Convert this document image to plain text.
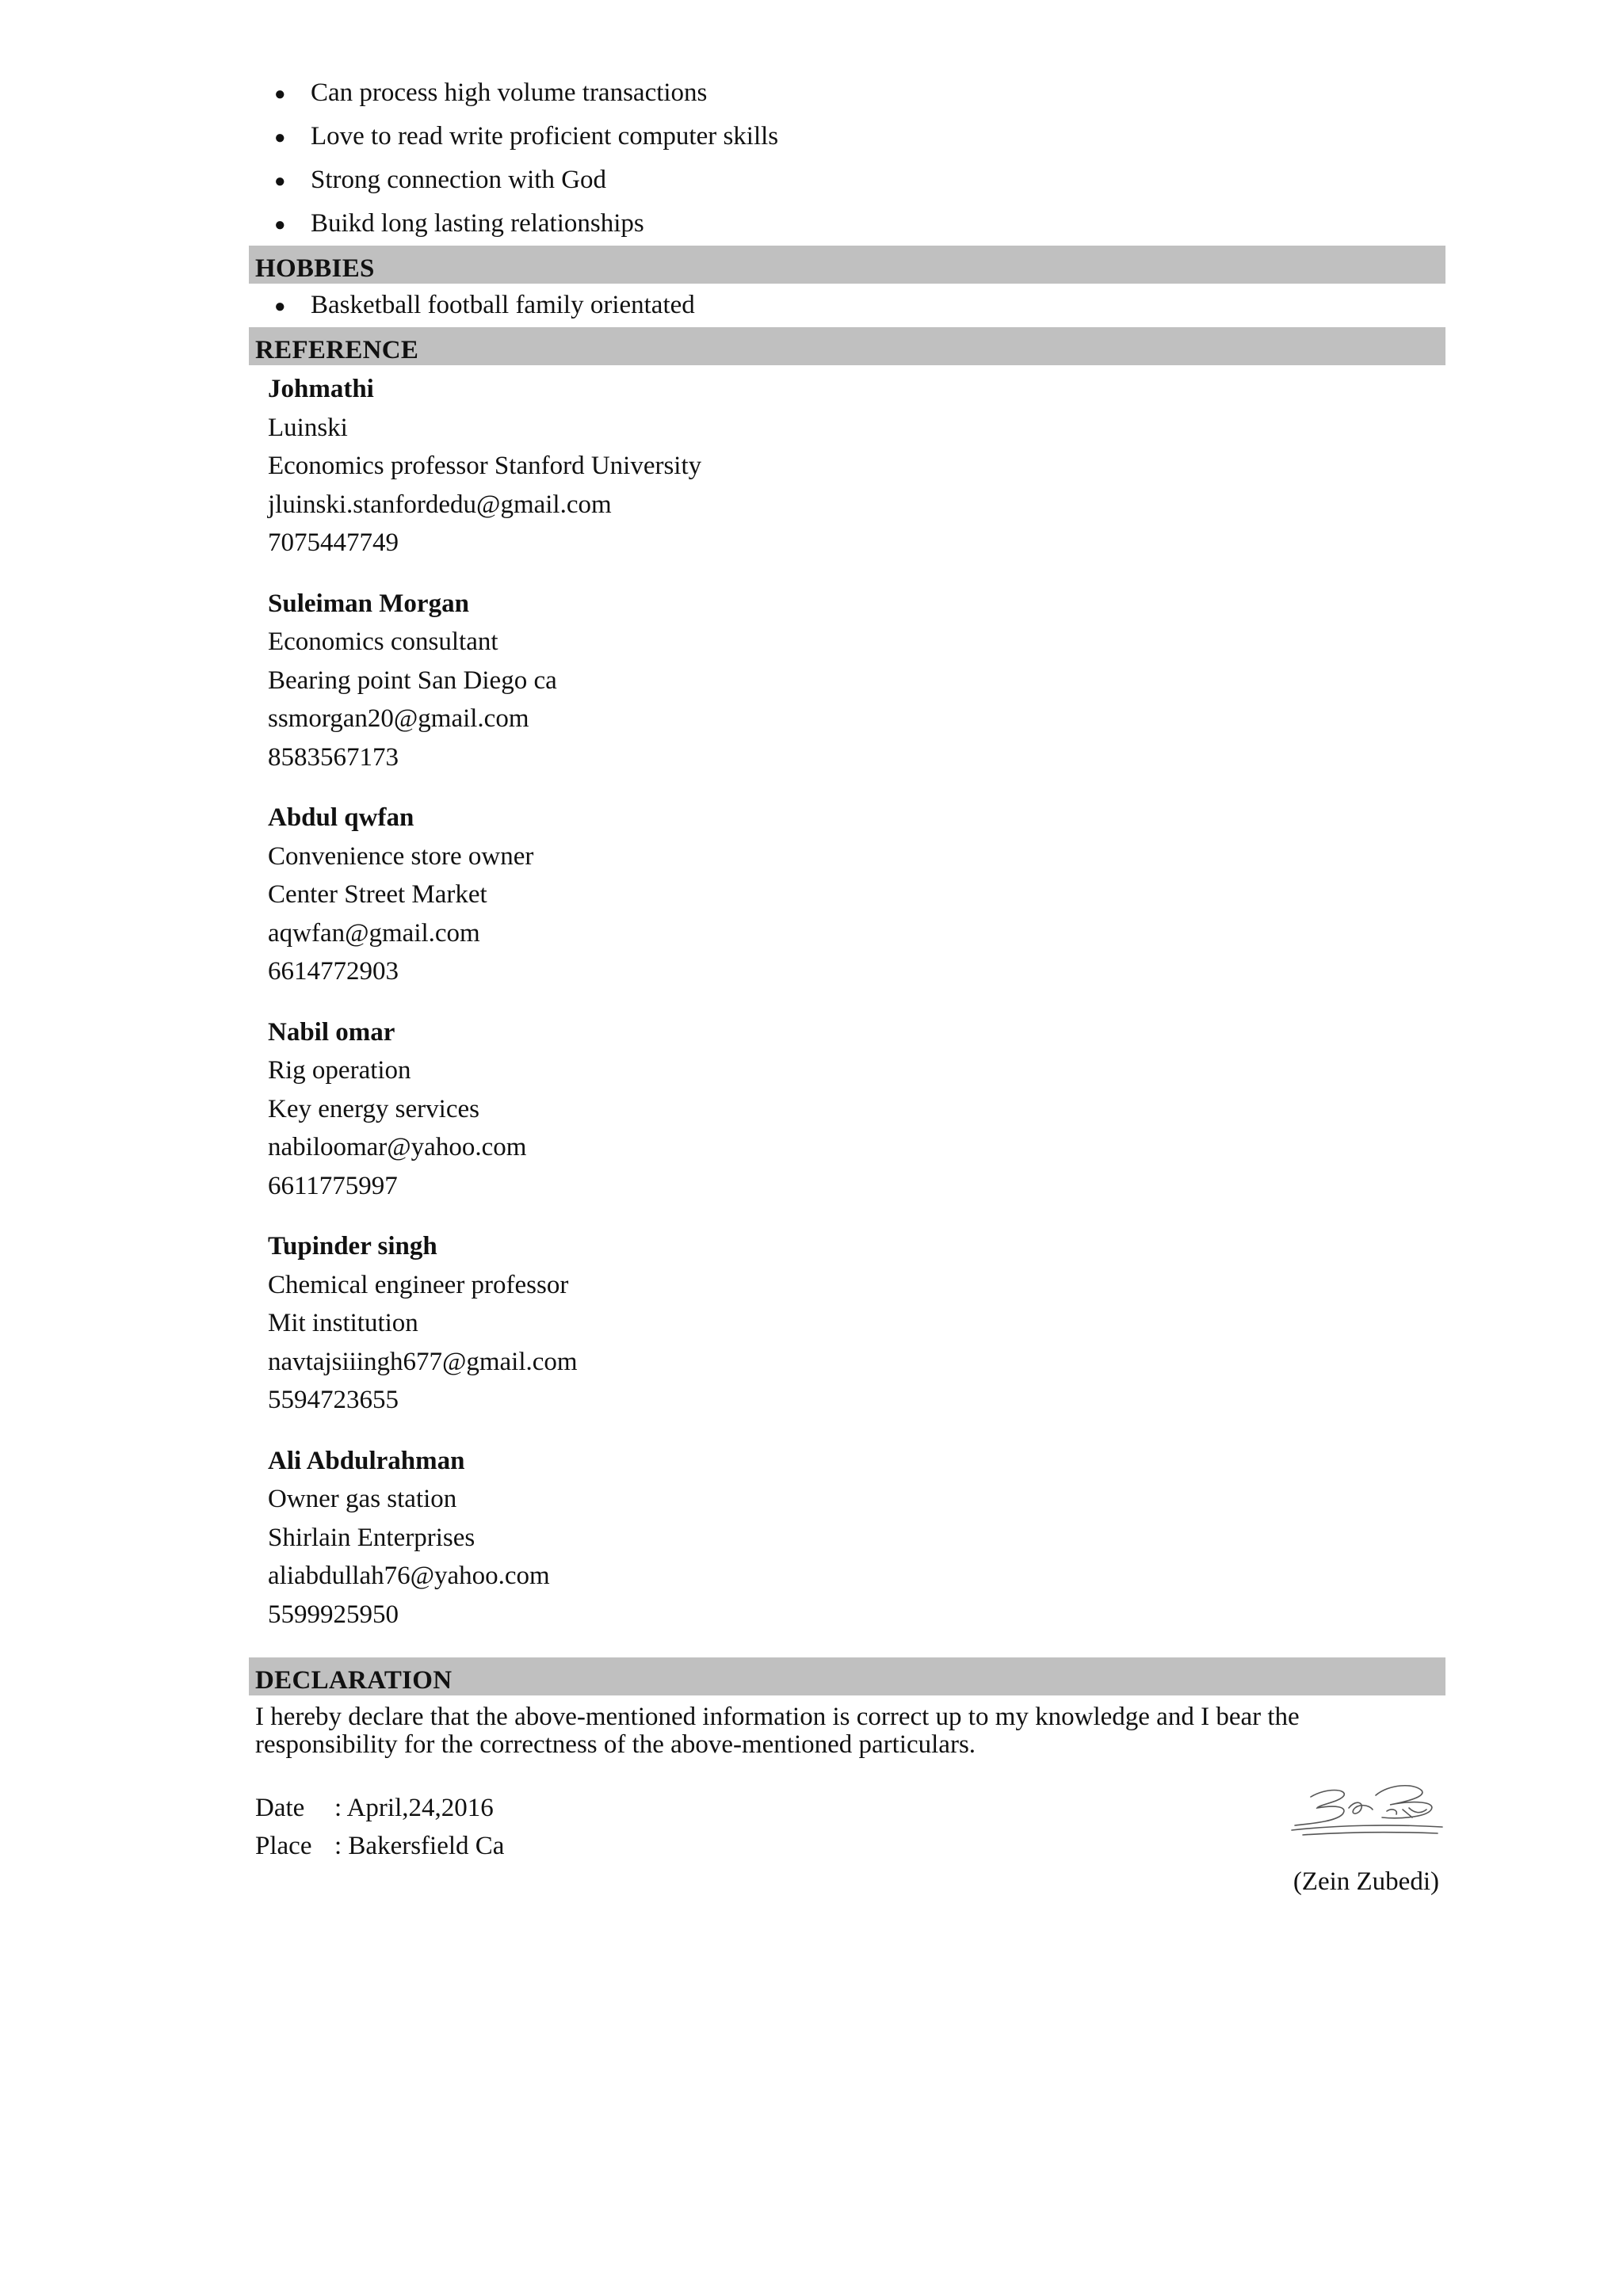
● Can process high volume transactions
● Love to read write proficient computer skills
● Strong connection with God
● Buikd long lasting relationships
HOBBIES
● Basketball football family orientated
REFERENCE
Johmathi
Luinski
Economics professor Stanford University
jluinski.stanfordedu@gmail.com
7075447749
Suleiman Morgan
Economics consultant
Bearing point San Diego ca
ssmorgan20@gmail.com
8583567173
Abdul qwfan
Convenience store owner
Center Street Market
aqwfan@gmail.com
6614772903
Nabil omar
Rig operation
Key energy services
nabiloomar@yahoo.com
6611775997
Tupinder singh
Chemical engineer professor
Mit institution
navtajsiiingh677@gmail.com
5594723655
Ali Abdulrahman
Owner gas station
Shirlain Enterprises
aliabdullah76@yahoo.com
5599925950
DECLARATION
I hereby declare that the above-mentioned information is correct up to my knowledge and I bear the responsibility for the correctness of the above-mentioned particulars.
Date : April,24,2016
Place : Bakersfield Ca
(Zein Zubedi)
